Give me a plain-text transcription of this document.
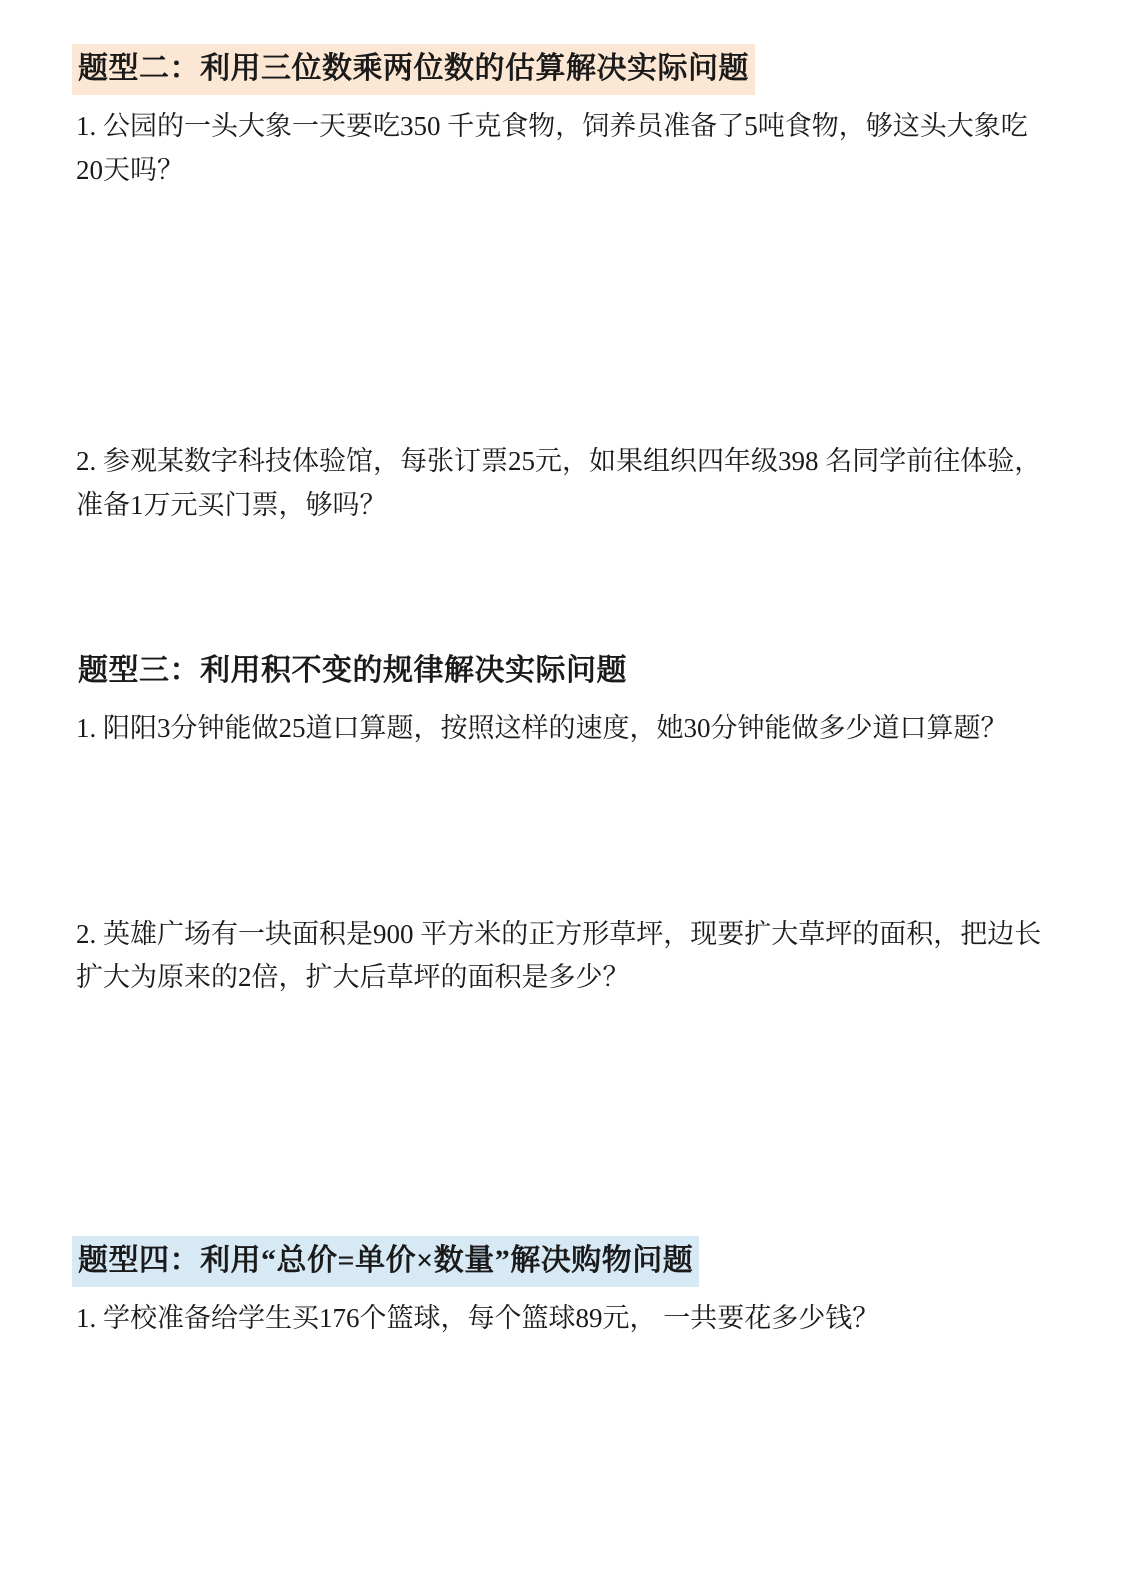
题型二：利用三位数乘两位数的估算解决实际问题

1. 公园的一头大象一天要吃350 千克食物，饲养员准备了5吨食物，够这头大象吃20天吗？

2. 参观某数字科技体验馆，每张订票25元，如果组织四年级398 名同学前往体验，准备1万元买门票，够吗？

题型三：利用积不变的规律解决实际问题

1. 阳阳3分钟能做25道口算题，按照这样的速度，她30分钟能做多少道口算题？

2. 英雄广场有一块面积是900 平方米的正方形草坪，现要扩大草坪的面积，把边长扩大为原来的2倍，扩大后草坪的面积是多少？

题型四：利用“总价=单价×数量”解决购物问题

1. 学校准备给学生买176个篮球，每个篮球89元， 一共要花多少钱？
